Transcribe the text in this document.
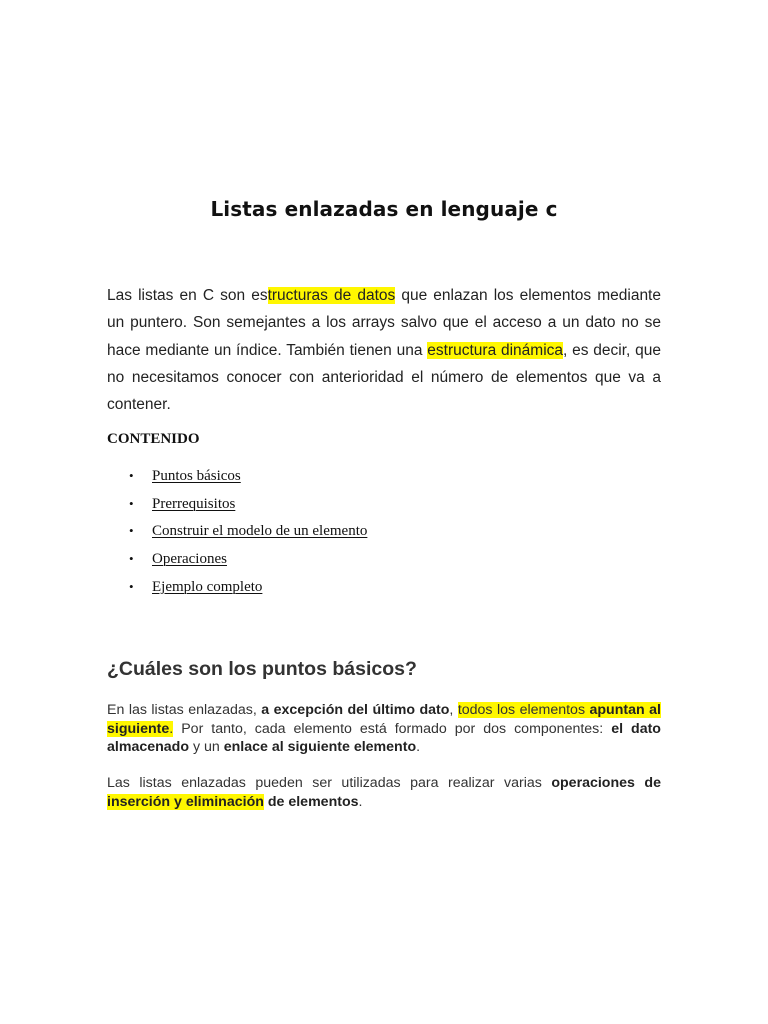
Listas enlazadas en lenguaje c

Las listas en C son estructuras de datos que enlazan los elementos mediante un puntero. Son semejantes a los arrays salvo que el acceso a un dato no se hace mediante un índice. También tienen una estructura dinámica, es decir, que no necesitamos conocer con anterioridad el número de elementos que va a contener.

CONTENIDO
• Puntos básicos
• Prerrequisitos
• Construir el modelo de un elemento
• Operaciones
• Ejemplo completo
¿Cuáles son los puntos básicos?

En las listas enlazadas, a excepción del último dato, todos los elementos apuntan al siguiente. Por tanto, cada elemento está formado por dos componentes: el dato almacenado y un enlace al siguiente elemento.

Las listas enlazadas pueden ser utilizadas para realizar varias operaciones de inserción y eliminación de elementos.
